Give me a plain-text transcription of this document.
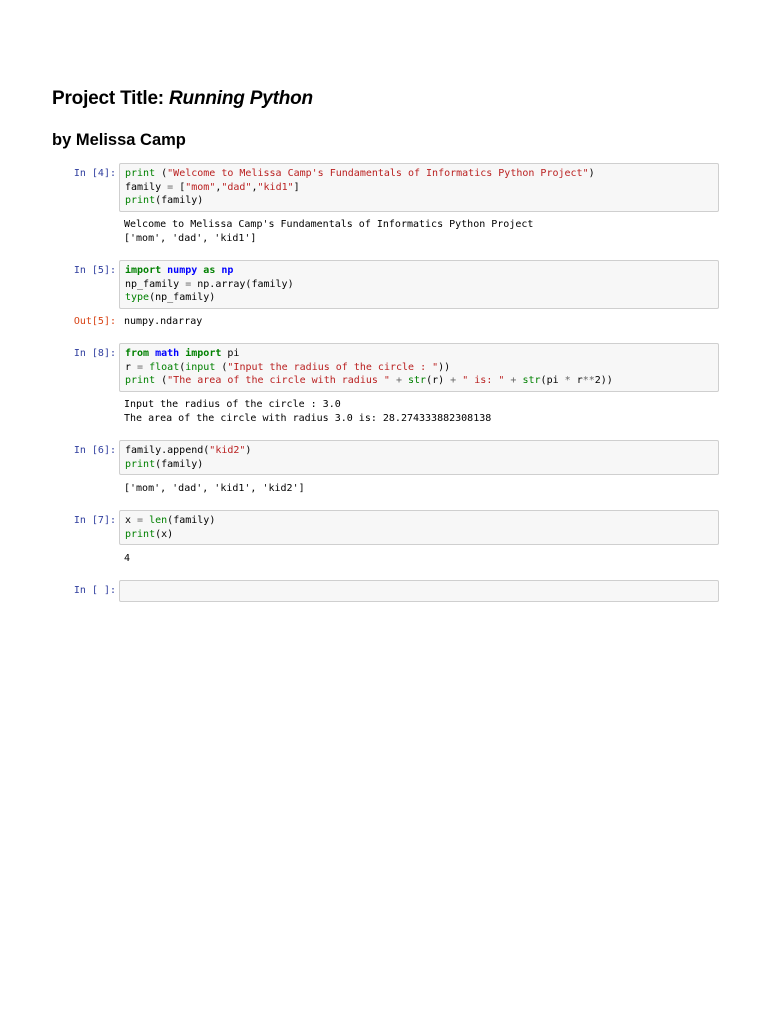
Project Title: Running Python
by Melissa Camp
In [4]: print ("Welcome to Melissa Camp's Fundamentals of Informatics Python Project")
family = ["mom","dad","kid1"]
print(family)
Welcome to Melissa Camp's Fundamentals of Informatics Python Project
['mom', 'dad', 'kid1']
In [5]: import numpy as np
np_family = np.array(family)
type(np_family)
Out[5]: numpy.ndarray
In [8]: from math import pi
r = float(input ("Input the radius of the circle : "))
print ("The area of the circle with radius " + str(r) + " is: " + str(pi * r**2))
Input the radius of the circle : 3.0
The area of the circle with radius 3.0 is: 28.274333882308138
In [6]: family.append("kid2")
print(family)
['mom', 'dad', 'kid1', 'kid2']
In [7]: x = len(family)
print(x)
4
In [ ]:
